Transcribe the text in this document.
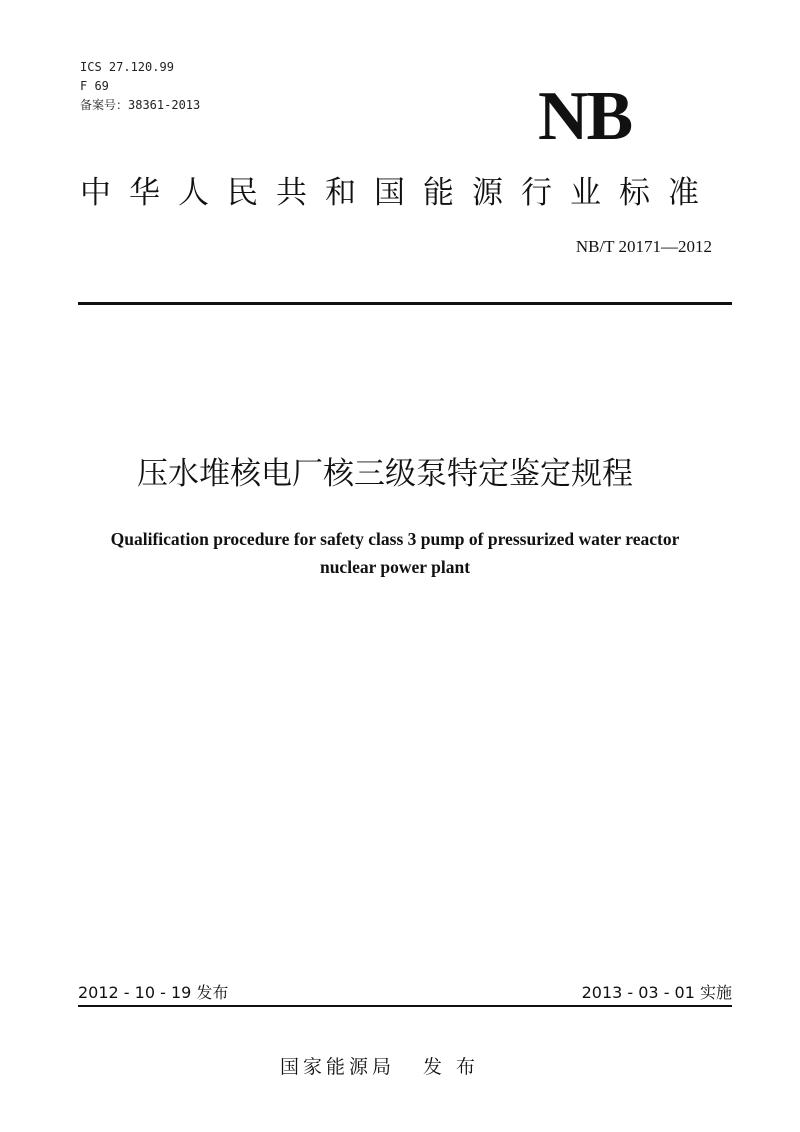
ICS 27.120.99
F 69
备案号：38361-2013	NB
中华人民共和国能源行业标准
NB/T 20171—2012
压水堆核电厂核三级泵特定鉴定规程
Qualification procedure for safety class 3 pump of pressurized water reactor
nuclear power plant
2012 - 10 - 19 发布	2013 - 03 - 01 实施
国家能源局 发 布
